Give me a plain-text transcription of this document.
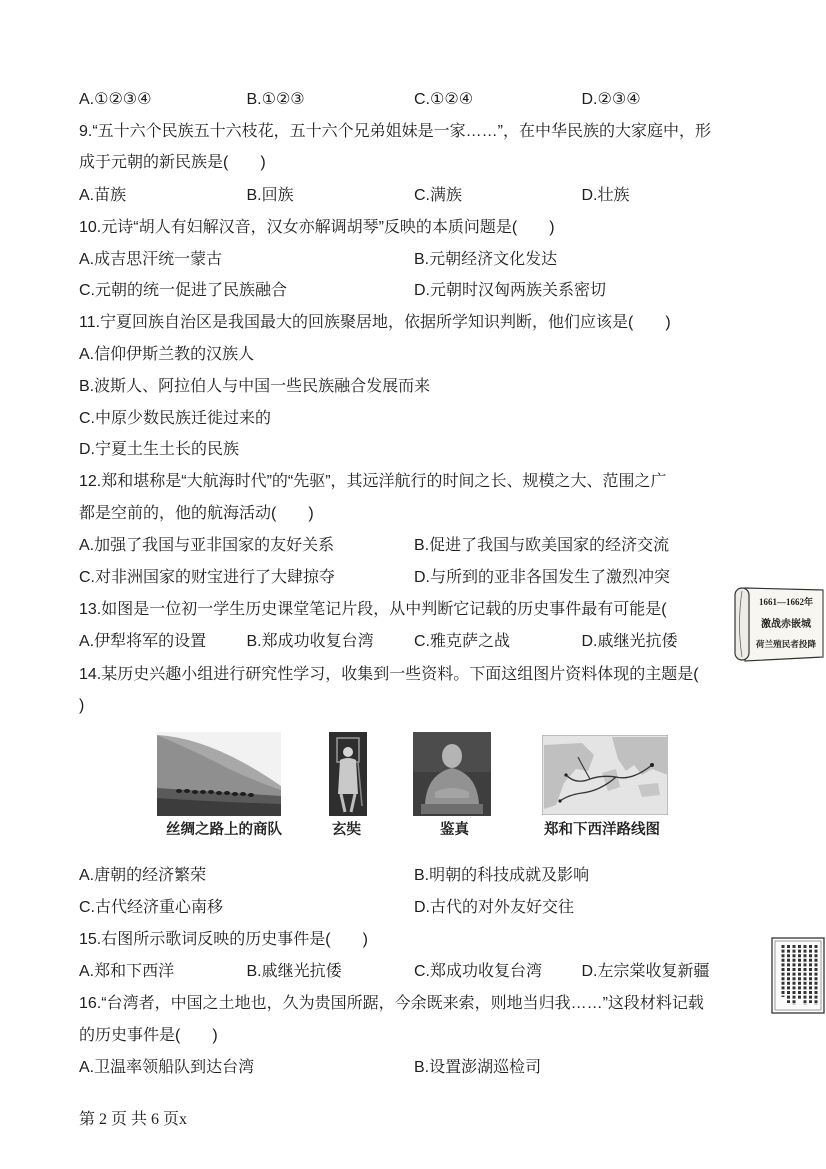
A.①②③④	B.①②③	C.①②④	D.②③④
9.“五十六个民族五十六枝花，五十六个兄弟姐妹是一家……”，在中华民族的大家庭中，形
成于元朝的新民族是(　　)
A.苗族	B.回族	C.满族	D.壮族
10.元诗“胡人有妇解汉音，汉女亦解调胡琴”反映的本质问题是(　　)
A.成吉思汗统一蒙古	B.元朝经济文化发达
C.元朝的统一促进了民族融合	D.元朝时汉匈两族关系密切
11.宁夏回族自治区是我国最大的回族聚居地，依据所学知识判断，他们应该是(　　)
A.信仰伊斯兰教的汉族人
B.波斯人、阿拉伯人与中国一些民族融合发展而来
C.中原少数民族迁徙过来的
D.宁夏土生土长的民族
12.郑和堪称是“大航海时代”的“先驱”，其远洋航行的时间之长、规模之大、范围之广
都是空前的，他的航海活动(　　)
A.加强了我国与亚非国家的友好关系	B.促进了我国与欧美国家的经济交流
C.对非洲国家的财宝进行了大肆掠夺	D.与所到的亚非各国发生了激烈冲突
13.如图是一位初一学生历史课堂笔记片段，从中判断它记载的历史事件最有可能是(
A.伊犁将军的设置	B.郑成功收复台湾	C.雅克萨之战	D.戚继光抗倭
1661—1662年
激战赤嵌城
荷兰殖民者投降
14.某历史兴趣小组进行研究性学习，收集到一些资料。下面这组图片资料体现的主题是(
)
丝绸之路上的商队	玄奘	鉴真	郑和下西洋路线图
A.唐朝的经济繁荣	B.明朝的科技成就及影响
C.古代经济重心南移	D.古代的对外友好交往
15.右图所示歌词反映的历史事件是(　　)
A.郑和下西洋	B.戚继光抗倭	C.郑成功收复台湾	D.左宗棠收复新疆
16.“台湾者，中国之土地也，久为贵国所踞，今余既来索，则地当归我……”这段材料记载
的历史事件是(　　)
A.卫温率领船队到达台湾	B.设置澎湖巡检司
第 2 页 共 6 页x
